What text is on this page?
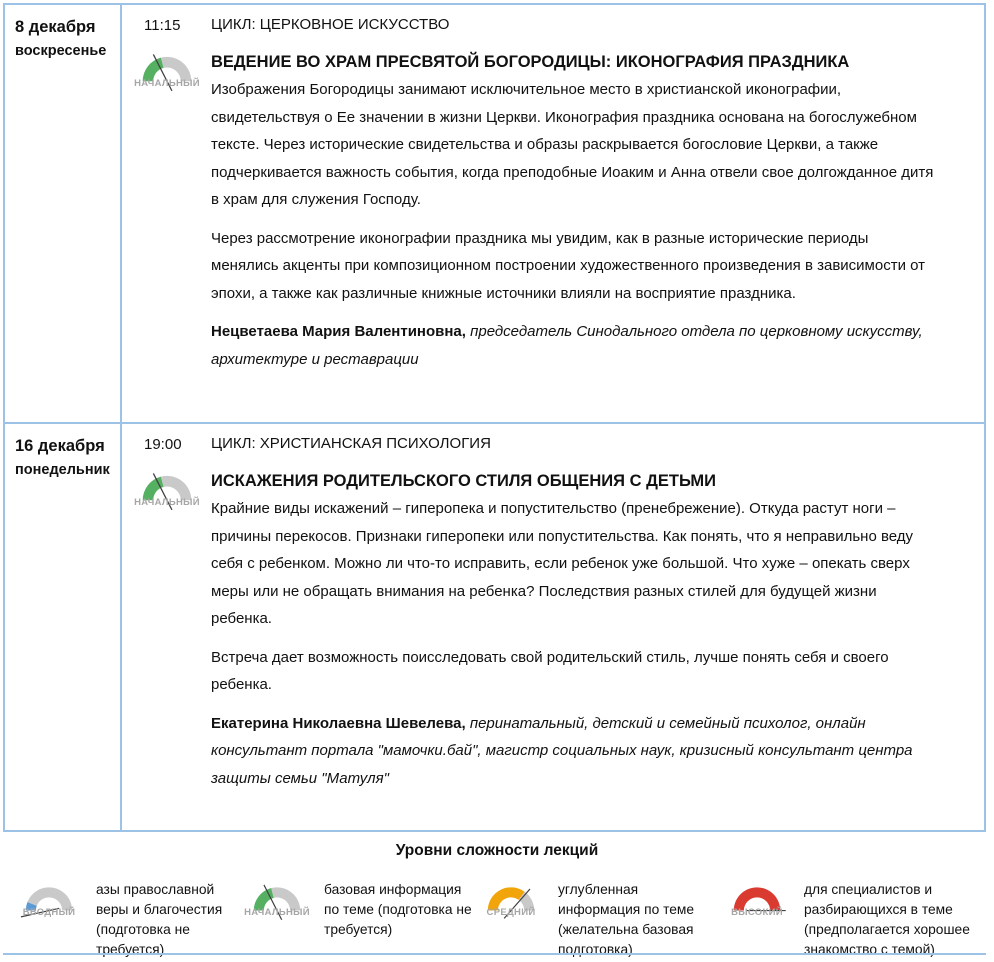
8 декабря
воскресенье
11:15
НАЧАЛЬНЫЙ
ЦИКЛ: ЦЕРКОВНОЕ ИСКУССТВО
ВЕДЕНИЕ ВО ХРАМ ПРЕСВЯТОЙ БОГОРОДИЦЫ: ИКОНОГРАФИЯ ПРАЗДНИКА
Изображения Богородицы занимают исключительное место в христианской иконографии, свидетельствуя о Ее значении в жизни Церкви. Иконография праздника основана на богослужебном тексте. Через исторические свидетельства и образы раскрывается богословие Церкви, а также подчеркивается важность события, когда преподобные Иоаким и Анна отвели свое долгожданное дитя в храм для служения Господу.
Через рассмотрение иконографии праздника мы увидим, как в разные исторические периоды менялись акценты при композиционном построении художественного произведения в зависимости от эпохи, а также как различные книжные источники влияли на восприятие праздника.
Нецветаева Мария Валентиновна, председатель Синодального отдела по церковному искусству, архитектуре и реставрации
16 декабря
понедельник
19:00
НАЧАЛЬНЫЙ
ЦИКЛ: ХРИСТИАНСКАЯ ПСИХОЛОГИЯ
ИСКАЖЕНИЯ РОДИТЕЛЬСКОГО СТИЛЯ ОБЩЕНИЯ С ДЕТЬМИ
Крайние виды искажений – гиперопека и попустительство (пренебрежение). Откуда растут ноги – причины перекосов. Признаки гиперопеки или попустительства. Как понять, что я неправильно веду себя с ребенком. Можно ли что-то исправить, если ребенок уже большой. Что хуже – опекать сверх меры или не обращать внимания на ребенка? Последствия разных стилей для будущей жизни ребенка.
Встреча дает возможность поисследовать свой родительский стиль, лучше понять себя и своего ребенка.
Екатерина Николаевна Шевелева, перинатальный, детский и семейный психолог, онлайн консультант портала "мамочки.бай", магистр социальных наук, кризисный консультант центра защиты семьи "Матуля"
Уровни сложности лекций
ВВОДНЫЙ
азы православной веры и благочестия (подготовка не требуется)
НАЧАЛЬНЫЙ
базовая информация по теме (подготовка не требуется)
СРЕДНИЙ
углубленная информация по теме (желательна базовая подготовка)
ВЫСОКИЙ
для специалистов и разбирающихся в теме (предполагается хорошее знакомство с темой)
